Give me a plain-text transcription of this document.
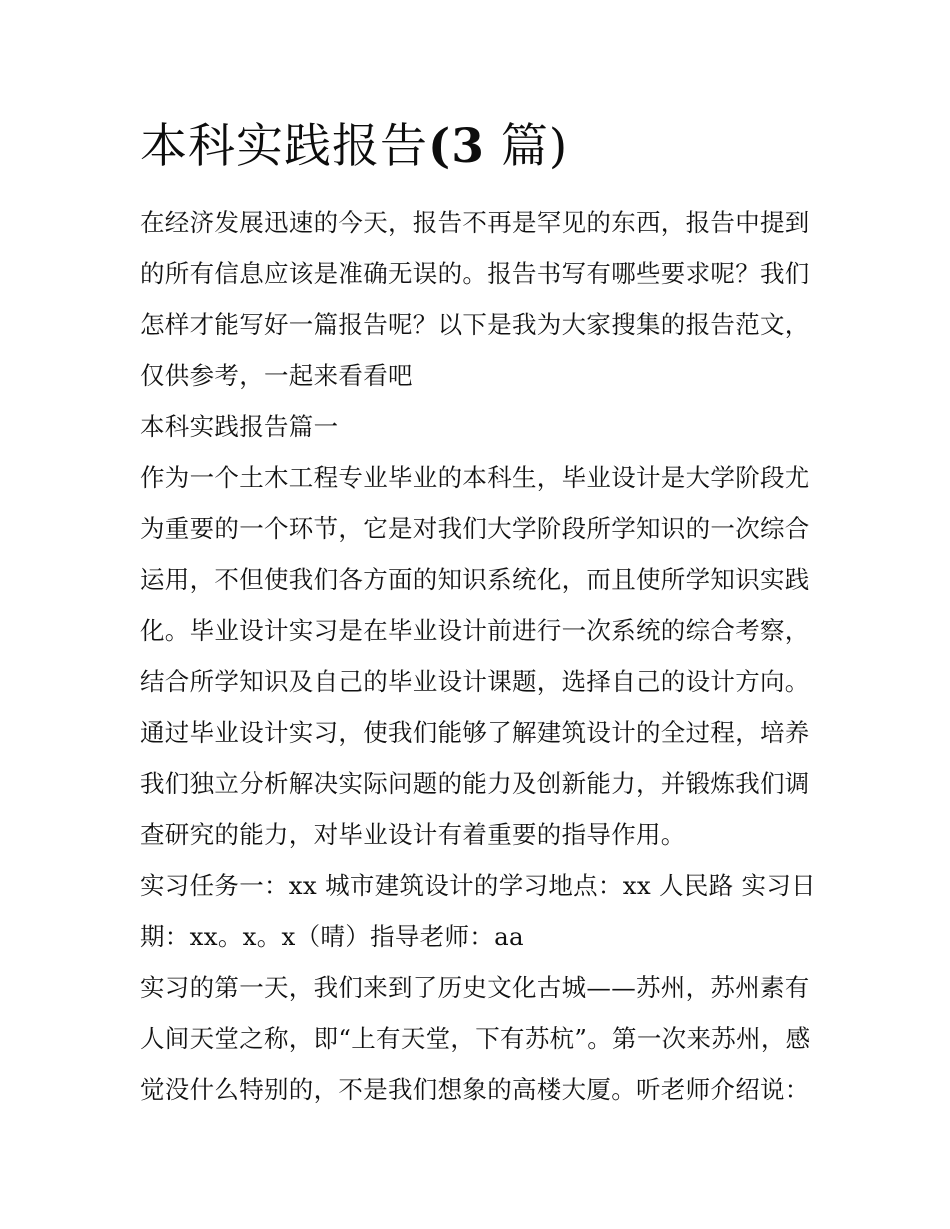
本科实践报告(3 篇)
在经济发展迅速的今天，报告不再是罕见的东西，报告中提到
的所有信息应该是准确无误的。报告书写有哪些要求呢？我们
怎样才能写好一篇报告呢？以下是我为大家搜集的报告范文，
仅供参考，一起来看看吧
本科实践报告篇一
作为一个土木工程专业毕业的本科生，毕业设计是大学阶段尤
为重要的一个环节，它是对我们大学阶段所学知识的一次综合
运用，不但使我们各方面的知识系统化，而且使所学知识实践
化。毕业设计实习是在毕业设计前进行一次系统的综合考察，
结合所学知识及自己的毕业设计课题，选择自己的设计方向。
通过毕业设计实习，使我们能够了解建筑设计的全过程，培养
我们独立分析解决实际问题的能力及创新能力，并锻炼我们调
查研究的能力，对毕业设计有着重要的指导作用。
实习任务一：xx 城市建筑设计的学习地点：xx 人民路 实习日
期：xx。x。x（晴）指导老师：aa
实习的第一天，我们来到了历史文化古城——苏州，苏州素有
人间天堂之称，即“上有天堂，下有苏杭”。第一次来苏州，感
觉没什么特别的，不是我们想象的高楼大厦。听老师介绍说：
